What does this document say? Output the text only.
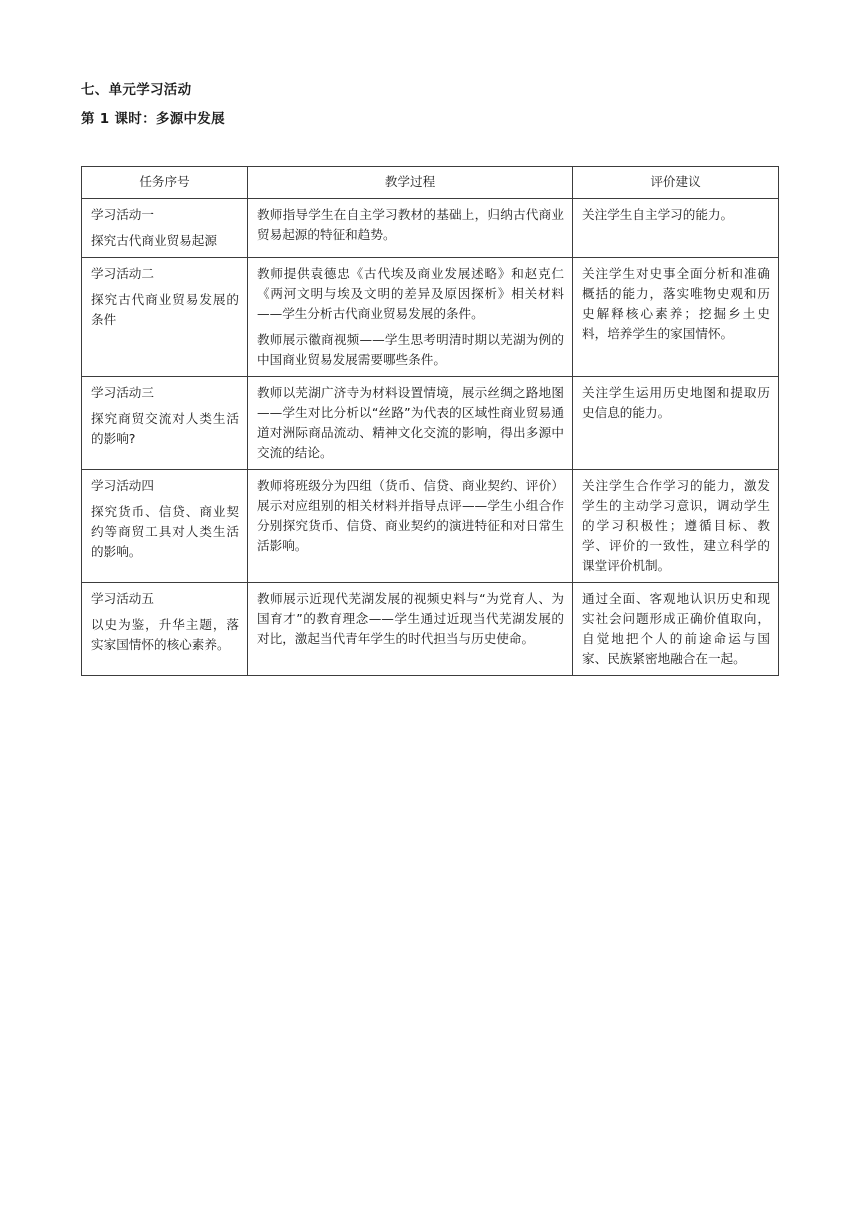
七、单元学习活动
第 1 课时：多源中发展
任务序号	教学过程	评价建议

学习活动一
探究古代商业贸易起源	教师指导学生在自主学习教材的基础上，归纳古代商业贸易起源的特征和趋势。	关注学生自主学习的能力。

学习活动二
探究古代商业贸易发展的条件	教师提供袁德忠《古代埃及商业发展述略》和赵克仁《两河文明与埃及文明的差异及原因探析》相关材料——学生分析古代商业贸易发展的条件。
教师展示徽商视频——学生思考明清时期以芜湖为例的中国商业贸易发展需要哪些条件。	关注学生对史事全面分析和准确概括的能力，落实唯物史观和历史解释核心素养；挖掘乡土史料，培养学生的家国情怀。

学习活动三
探究商贸交流对人类生活的影响?	教师以芜湖广济寺为材料设置情境，展示丝绸之路地图——学生对比分析以“丝路”为代表的区域性商业贸易通道对洲际商品流动、精神文化交流的影响，得出多源中交流的结论。	关注学生运用历史地图和提取历史信息的能力。

学习活动四
探究货币、信贷、商业契约等商贸工具对人类生活的影响。	教师将班级分为四组（货币、信贷、商业契约、评价）展示对应组别的相关材料并指导点评——学生小组合作分别探究货币、信贷、商业契约的演进特征和对日常生活影响。	关注学生合作学习的能力，激发学生的主动学习意识，调动学生的学习积极性；遵循目标、教学、评价的一致性，建立科学的课堂评价机制。

学习活动五
以史为鉴，升华主题，落实家国情怀的核心素养。	教师展示近现代芜湖发展的视频史料与“为党育人、为国育才”的教育理念——学生通过近现当代芜湖发展的对比，激起当代青年学生的时代担当与历史使命。	通过全面、客观地认识历史和现实社会问题形成正确价值取向，自觉地把个人的前途命运与国家、民族紧密地融合在一起。
